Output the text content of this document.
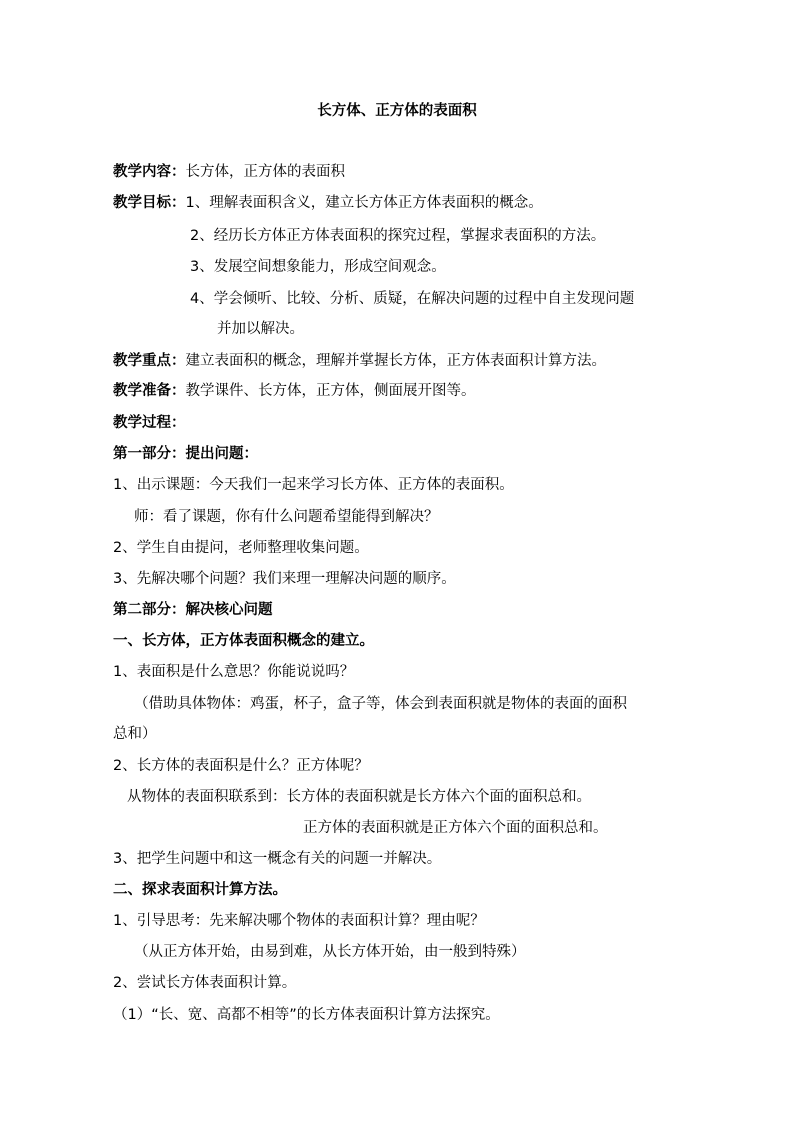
长方体、正方体的表面积
教学内容：长方体，正方体的表面积
教学目标：1、理解表面积含义，建立长方体正方体表面积的概念。
2、经历长方体正方体表面积的探究过程，掌握求表面积的方法。
3、发展空间想象能力，形成空间观念。
4、学会倾听、比较、分析、质疑，在解决问题的过程中自主发现问题
并加以解决。
教学重点：建立表面积的概念，理解并掌握长方体，正方体表面积计算方法。
教学准备：教学课件、长方体，正方体，侧面展开图等。
教学过程：
第一部分：提出问题：
1、出示课题：今天我们一起来学习长方体、正方体的表面积。
师：看了课题，你有什么问题希望能得到解决？
2、学生自由提问，老师整理收集问题。
3、先解决哪个问题？我们来理一理解决问题的顺序。
第二部分：解决核心问题
一、长方体，正方体表面积概念的建立。
1、表面积是什么意思？你能说说吗？
（借助具体物体：鸡蛋，杯子，盒子等，体会到表面积就是物体的表面的面积
总和）
2、长方体的表面积是什么？正方体呢？
从物体的表面积联系到：长方体的表面积就是长方体六个面的面积总和。
正方体的表面积就是正方体六个面的面积总和。
3、把学生问题中和这一概念有关的问题一并解决。
二、探求表面积计算方法。
1、引导思考：先来解决哪个物体的表面积计算？理由呢？
（从正方体开始，由易到难，从长方体开始，由一般到特殊）
2、尝试长方体表面积计算。
（1）“长、宽、高都不相等”的长方体表面积计算方法探究。
